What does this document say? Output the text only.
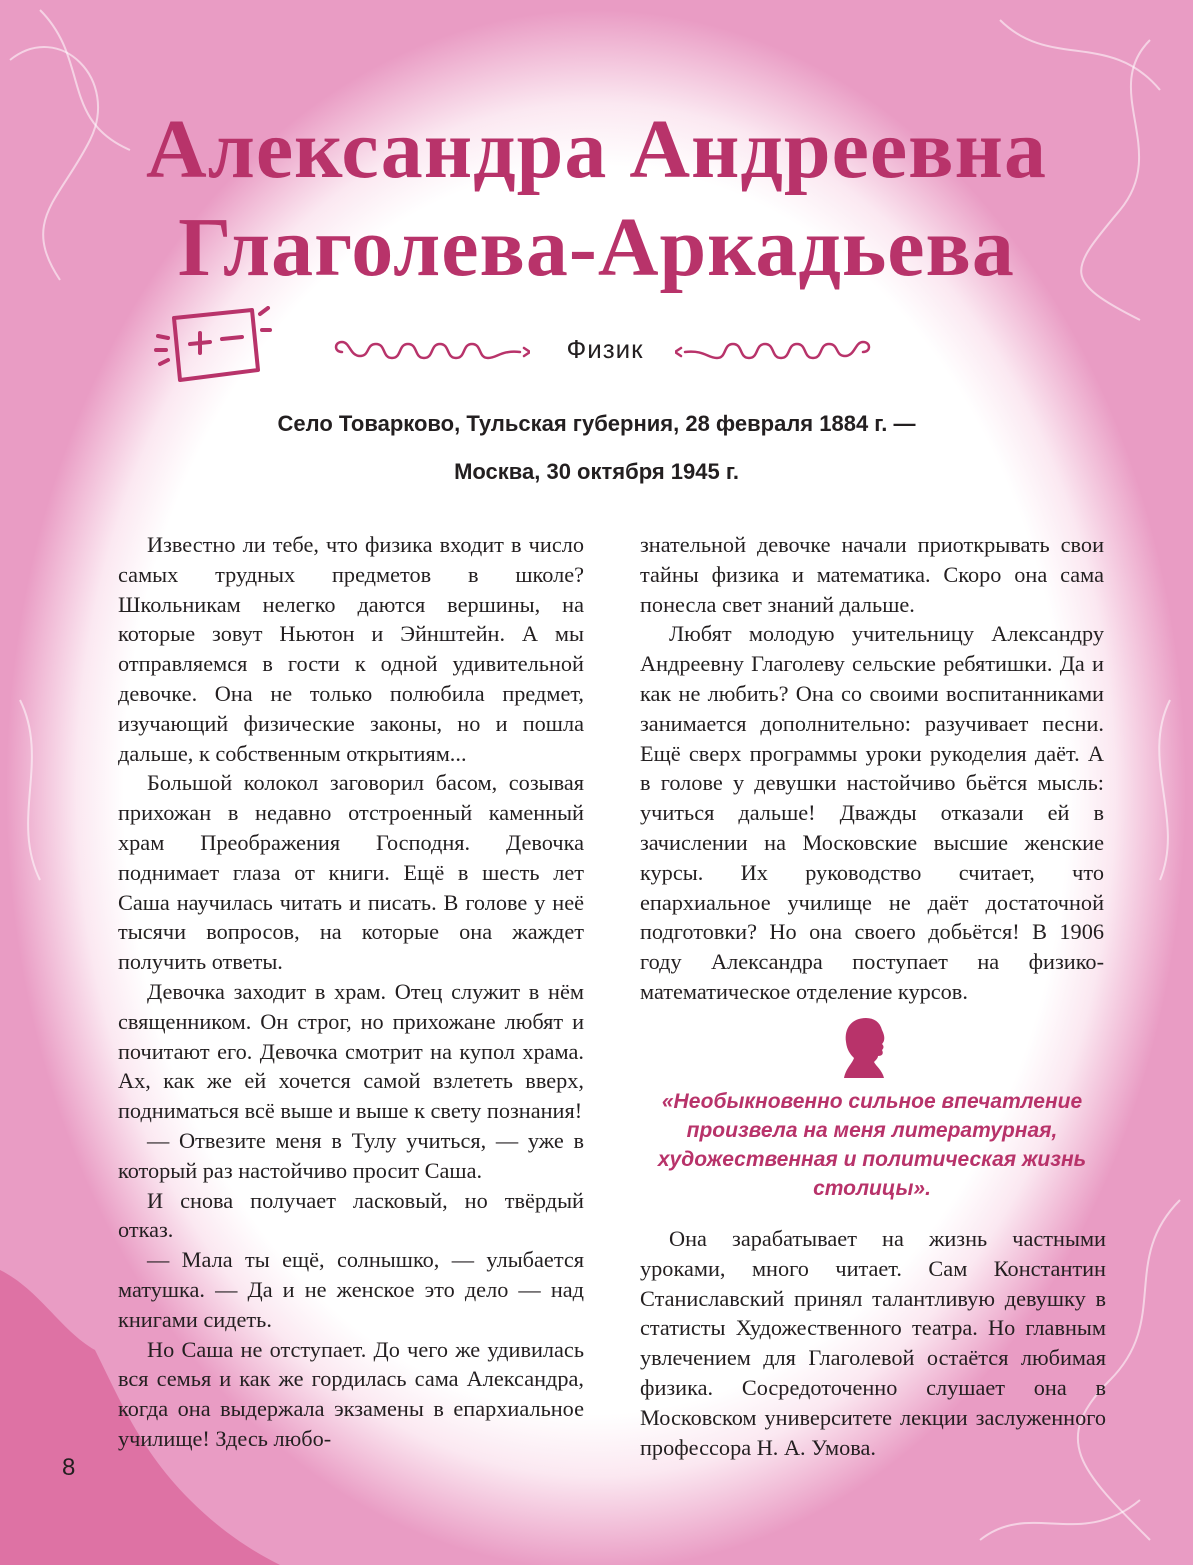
Александра Андреевна
Глаголева-Аркадьева
Физик

Село Товарково, Тульская губерния, 28 февраля 1884 г. —

Москва, 30 октября 1945 г.

Известно ли тебе, что физика входит в число самых трудных предметов в школе? Школьникам нелегко даются вершины, на которые зовут Ньютон и Эйнштейн. А мы отправляемся в гости к одной удивительной девочке. Она не только полюбила предмет, изучающий физические законы, но и пошла дальше, к собственным открытиям...

Большой колокол заговорил басом, созывая прихожан в недавно отстроенный каменный храм Преображения Господня. Девочка поднимает глаза от книги. Ещё в шесть лет Саша научилась читать и писать. В голове у неё тысячи вопросов, на которые она жаждет получить ответы.

Девочка заходит в храм. Отец служит в нём священником. Он строг, но прихожане любят и почитают его. Девочка смотрит на купол храма. Ах, как же ей хочется самой взлететь вверх, подниматься всё выше и выше к свету познания!

— Отвезите меня в Тулу учиться, — уже в который раз настойчиво просит Саша.

И снова получает ласковый, но твёрдый отказ.

— Мала ты ещё, солнышко, — улыбается матушка. — Да и не женское это дело — над книгами сидеть.

Но Саша не отступает. До чего же удивилась вся семья и как же гордилась сама Александра, когда она выдержала экзамены в епархиальное училище! Здесь любо-

знательной девочке начали приоткрывать свои тайны физика и математика. Скоро она сама понесла свет знаний дальше.

Любят молодую учительницу Александру Андреевну Глаголеву сельские ребятишки. Да и как не любить? Она со своими воспитанниками занимается дополнительно: разучивает песни. Ещё сверх программы уроки рукоделия даёт. А в голове у девушки настойчиво бьётся мысль: учиться дальше! Дважды отказали ей в зачислении на Московские высшие женские курсы. Их руководство считает, что епархиальное училище не даёт достаточной подготовки? Но она своего добьётся! В 1906 году Александра поступает на физико-математическое отделение курсов.

«Необыкновенно сильное впечатление произвела на меня литературная, художественная и политическая жизнь столицы».

Она зарабатывает на жизнь частными уроками, много читает. Сам Константин Станиславский принял талантливую девушку в статисты Художественного театра. Но главным увлечением для Глаголевой остаётся любимая физика. Сосредоточенно слушает она в Московском университете лекции заслуженного профессора Н. А. Умова.

8
